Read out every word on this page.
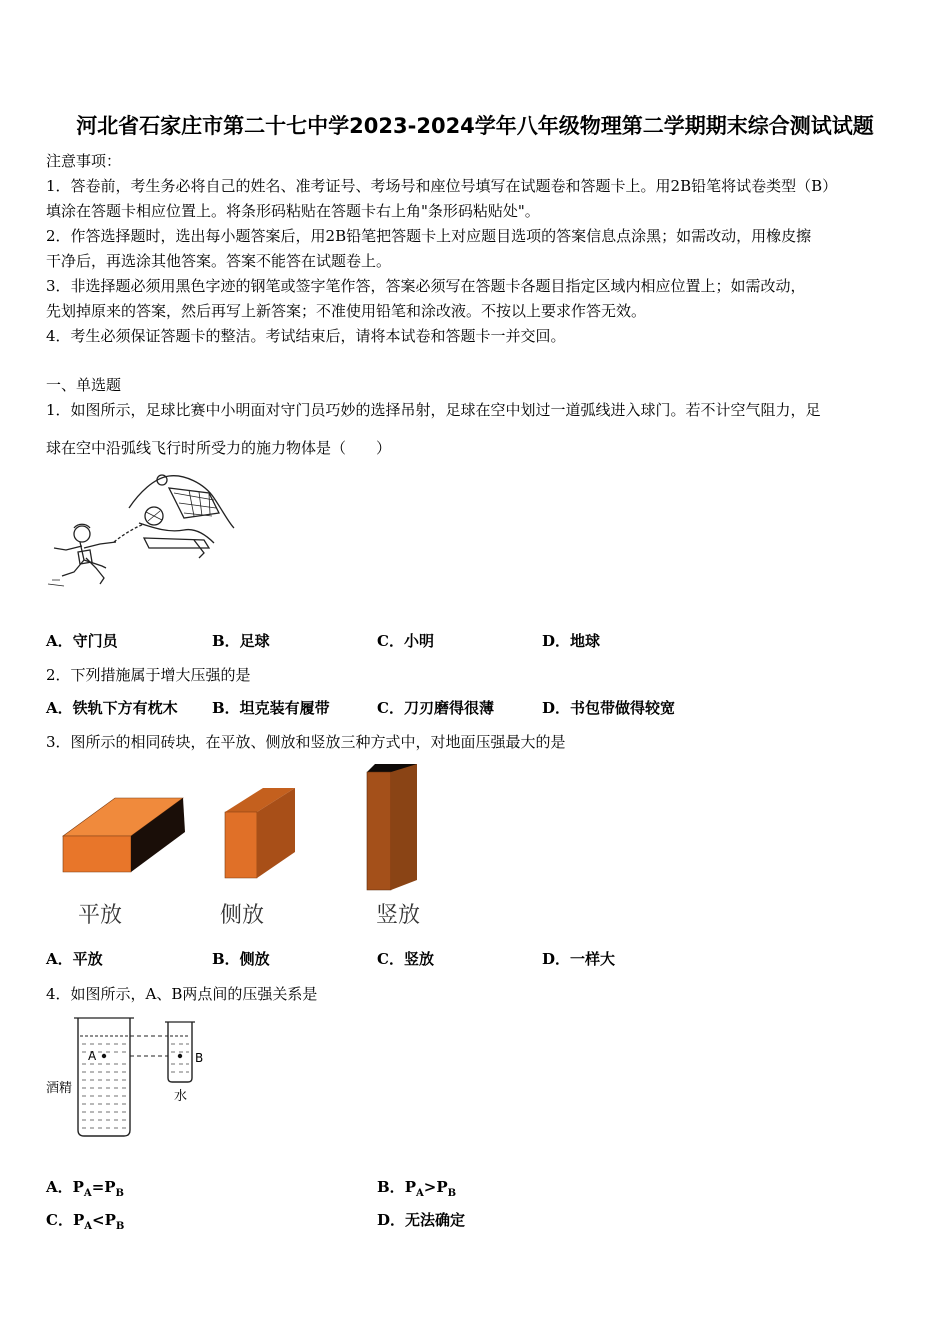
河北省石家庄市第二十七中学2023-2024学年八年级物理第二学期期末综合测试试题
注意事项：
1．答卷前，考生务必将自己的姓名、准考证号、考场号和座位号填写在试题卷和答题卡上。用2B铅笔将试卷类型（B）
填涂在答题卡相应位置上。将条形码粘贴在答题卡右上角"条形码粘贴处"。
2．作答选择题时，选出每小题答案后，用2B铅笔把答题卡上对应题目选项的答案信息点涂黑；如需改动，用橡皮擦
干净后，再选涂其他答案。答案不能答在试题卷上。
3．非选择题必须用黑色字迹的钢笔或签字笔作答，答案必须写在答题卡各题目指定区域内相应位置上；如需改动，
先划掉原来的答案，然后再写上新答案；不准使用铅笔和涂改液。不按以上要求作答无效。
4．考生必须保证答题卡的整洁。考试结束后，请将本试卷和答题卡一并交回。
一、单选题
1．如图所示，足球比赛中小明面对守门员巧妙的选择吊射，足球在空中划过一道弧线进入球门。若不计空气阻力，足
球在空中沿弧线飞行时所受力的施力物体是（　　）
A．守门员	B．足球	C．小明	D．地球
2．下列措施属于增大压强的是
A．铁轨下方有枕木 B．坦克装有履带	C．刀刃磨得很薄	D．书包带做得较宽
3．图所示的相同砖块，在平放、侧放和竖放三种方式中，对地面压强最大的是
平放	侧放	竖放
A．平放	B．侧放	C．竖放	D．一样大
4．如图所示，A、B两点间的压强关系是
A	B
酒精
水
A．$P_A=P_B$	B．$P_A>P_B$
C．$P_A<P_B$	D．无法确定
